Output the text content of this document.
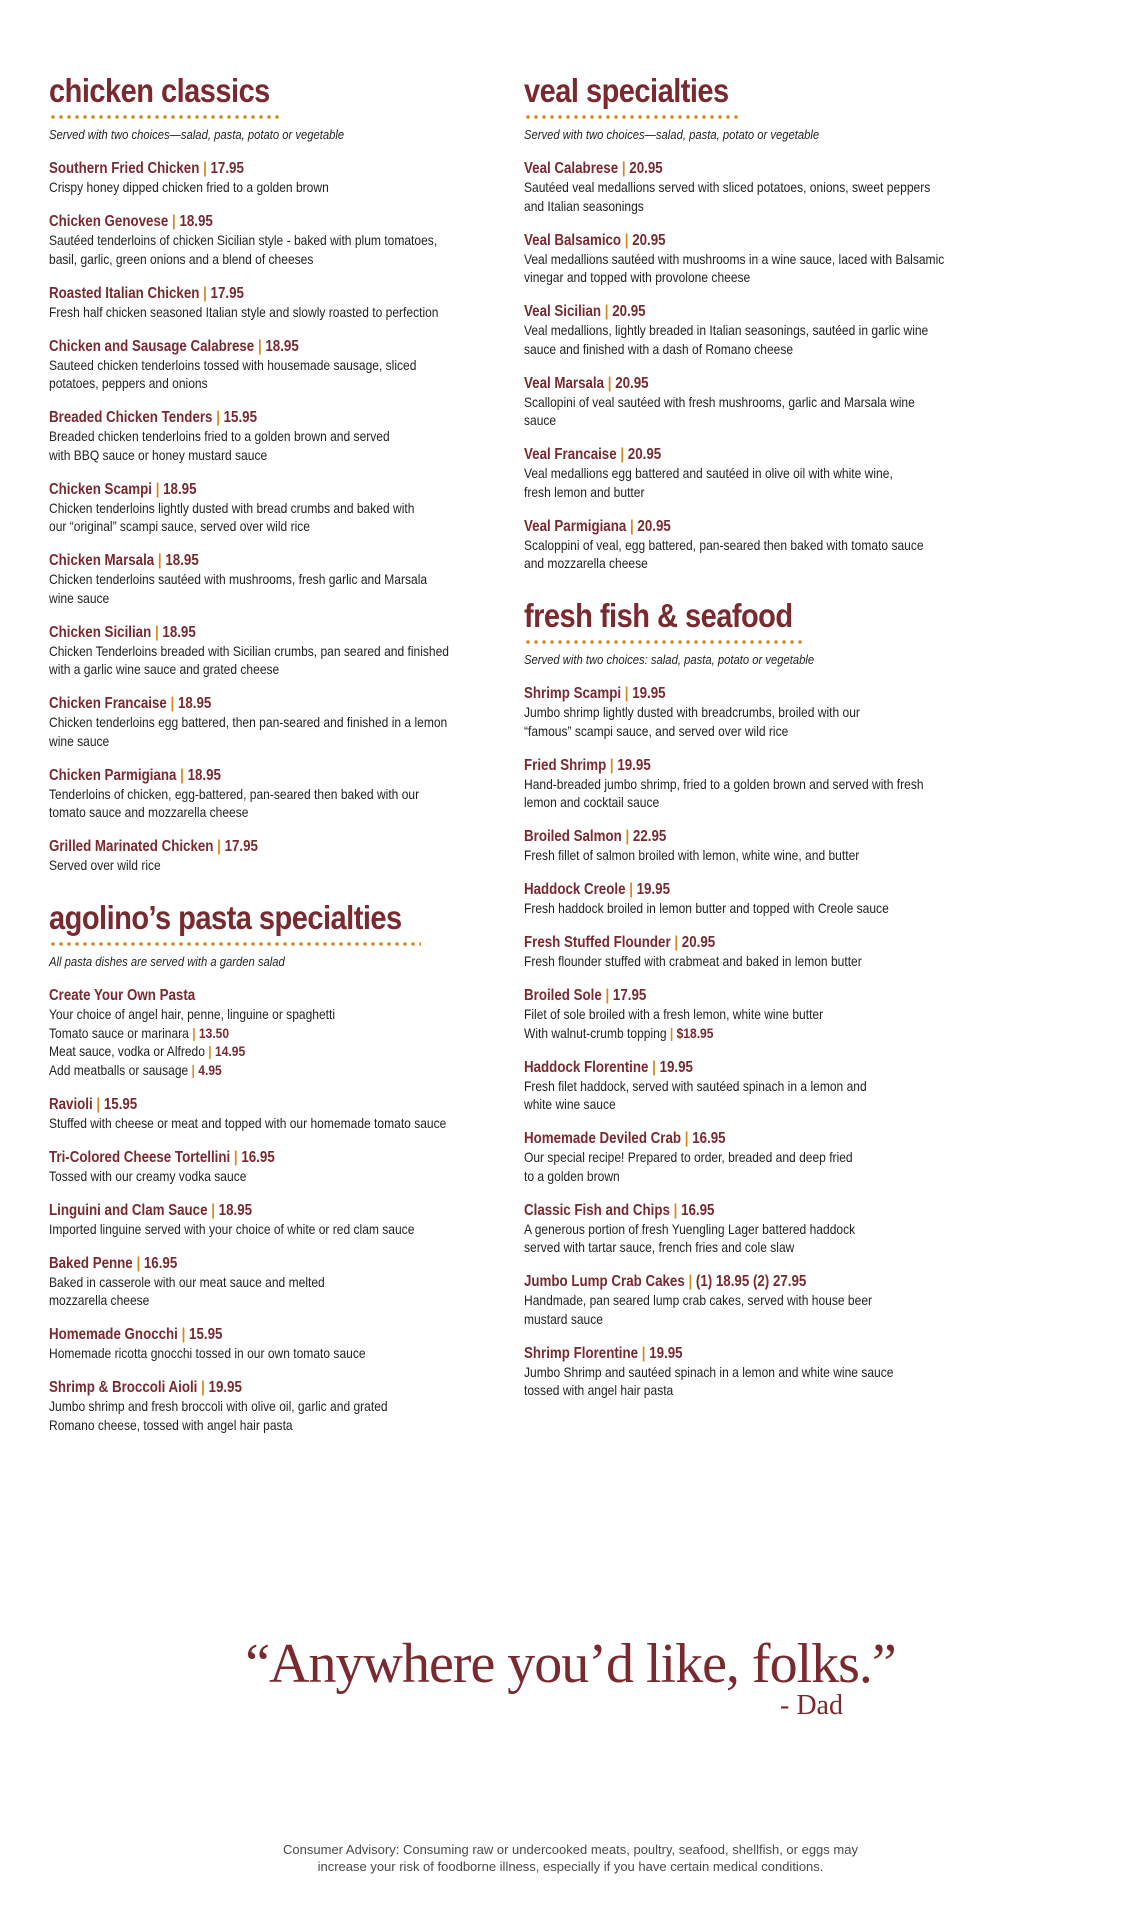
chicken classics
Served with two choices—salad, pasta, potato or vegetable
Southern Fried Chicken | 17.95
Crispy honey dipped chicken fried to a golden brown
Chicken Genovese | 18.95
Sautéed tenderloins of chicken Sicilian style - baked with plum tomatoes,
basil, garlic, green onions and a blend of cheeses
Roasted Italian Chicken | 17.95
Fresh half chicken seasoned Italian style and slowly roasted to perfection
Chicken and Sausage Calabrese | 18.95
Sauteed chicken tenderloins tossed with housemade sausage, sliced
potatoes, peppers and onions
Breaded Chicken Tenders | 15.95
Breaded chicken tenderloins fried to a golden brown and served
with BBQ sauce or honey mustard sauce
Chicken Scampi | 18.95
Chicken tenderloins lightly dusted with bread crumbs and baked with
our “original” scampi sauce, served over wild rice
Chicken Marsala | 18.95
Chicken tenderloins sautéed with mushrooms, fresh garlic and Marsala
wine sauce
Chicken Sicilian | 18.95
Chicken Tenderloins breaded with Sicilian crumbs, pan seared and finished
with a garlic wine sauce and grated cheese
Chicken Francaise | 18.95
Chicken tenderloins egg battered, then pan-seared and finished in a lemon
wine sauce
Chicken Parmigiana | 18.95
Tenderloins of chicken, egg-battered, pan-seared then baked with our
tomato sauce and mozzarella cheese
Grilled Marinated Chicken | 17.95
Served over wild rice
agolino’s pasta specialties
All pasta dishes are served with a garden salad
Create Your Own Pasta
Your choice of angel hair, penne, linguine or spaghetti
Tomato sauce or marinara | 13.50
Meat sauce, vodka or Alfredo | 14.95
Add meatballs or sausage | 4.95
Ravioli | 15.95
Stuffed with cheese or meat and topped with our homemade tomato sauce
Tri-Colored Cheese Tortellini | 16.95
Tossed with our creamy vodka sauce
Linguini and Clam Sauce | 18.95
Imported linguine served with your choice of white or red clam sauce
Baked Penne | 16.95
Baked in casserole with our meat sauce and melted
mozzarella cheese
Homemade Gnocchi | 15.95
Homemade ricotta gnocchi tossed in our own tomato sauce
Shrimp & Broccoli Aioli | 19.95
Jumbo shrimp and fresh broccoli with olive oil, garlic and grated
Romano cheese, tossed with angel hair pasta
veal specialties
Served with two choices—salad, pasta, potato or vegetable
Veal Calabrese | 20.95
Sautéed veal medallions served with sliced potatoes, onions, sweet peppers
and Italian seasonings
Veal Balsamico | 20.95
Veal medallions sautéed with mushrooms in a wine sauce, laced with Balsamic
vinegar and topped with provolone cheese
Veal Sicilian | 20.95
Veal medallions, lightly breaded in Italian seasonings, sautéed in garlic wine
sauce and finished with a dash of Romano cheese
Veal Marsala | 20.95
Scallopini of veal sautéed with fresh mushrooms, garlic and Marsala wine
sauce
Veal Francaise | 20.95
Veal medallions egg battered and sautéed in olive oil with white wine,
fresh lemon and butter
Veal Parmigiana | 20.95
Scaloppini of veal, egg battered, pan-seared then baked with tomato sauce
and mozzarella cheese
fresh fish & seafood
Served with two choices: salad, pasta, potato or vegetable
Shrimp Scampi | 19.95
Jumbo shrimp lightly dusted with breadcrumbs, broiled with our
“famous” scampi sauce, and served over wild rice
Fried Shrimp | 19.95
Hand-breaded jumbo shrimp, fried to a golden brown and served with fresh
lemon and cocktail sauce
Broiled Salmon | 22.95
Fresh fillet of salmon broiled with lemon, white wine, and butter
Haddock Creole | 19.95
Fresh haddock broiled in lemon butter and topped with Creole sauce
Fresh Stuffed Flounder | 20.95
Fresh flounder stuffed with crabmeat and baked in lemon butter
Broiled Sole | 17.95
Filet of sole broiled with a fresh lemon, white wine butter
With walnut-crumb topping | $18.95
Haddock Florentine | 19.95
Fresh filet haddock, served with sautéed spinach in a lemon and
white wine sauce
Homemade Deviled Crab | 16.95
Our special recipe! Prepared to order, breaded and deep fried
to a golden brown
Classic Fish and Chips | 16.95
A generous portion of fresh Yuengling Lager battered haddock
served with tartar sauce, french fries and cole slaw
Jumbo Lump Crab Cakes | (1) 18.95 (2) 27.95
Handmade, pan seared lump crab cakes, served with house beer
mustard sauce
Shrimp Florentine | 19.95
Jumbo Shrimp and sautéed spinach in a lemon and white wine sauce
tossed with angel hair pasta
“Anywhere you’d like, folks.”
- Dad
Consumer Advisory: Consuming raw or undercooked meats, poultry, seafood, shellfish, or eggs may
increase your risk of foodborne illness, especially if you have certain medical conditions.
